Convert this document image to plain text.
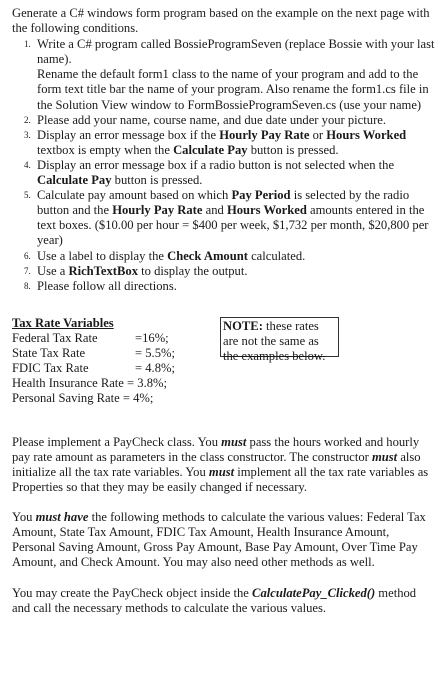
Generate a C# windows form program based on the example on the next page with the following conditions.

1. Write a C# program called BossieProgramSeven (replace Bossie with your last name).

Rename the default form1 class to the name of your program and add to the form text title bar the name of your program. Also rename the form1.cs file in the Solution View window to FormBossieProgramSeven.cs (use your name)

2. Please add your name, course name, and due date under your picture.
3. Display an error message box if the Hourly Pay Rate or Hours Worked textbox is empty when the Calculate Pay button is pressed.
4. Display an error message box if a radio button is not selected when the Calculate Pay button is pressed.
5. Calculate pay amount based on which Pay Period is selected by the radio button and the Hourly Pay Rate and Hours Worked amounts entered in the text boxes. ($10.00 per hour = $400 per week, $1,732 per month, $20,800 per year)
6. Use a label to display the Check Amount calculated.
7. Use a RichTextBox to display the output.
8. Please follow all directions.
Tax Rate Variables
Federal Tax Rate	=16%;
State Tax Rate	= 5.5%;
FDIC Tax Rate	= 4.8%;
Health Insurance Rate = 3.8%;
Personal Saving Rate = 4%;
NOTE: these rates are not the same as the examples below.

Please implement a PayCheck class. You must pass the hours worked and hourly pay rate amount as parameters in the class constructor. The constructor must also initialize all the tax rate variables. You must implement all the tax rate variables as Properties so that they may be easily changed if necessary.

You must have the following methods to calculate the various values: Federal Tax Amount, State Tax Amount, FDIC Tax Amount, Health Insurance Amount, Personal Saving Amount, Gross Pay Amount, Base Pay Amount, Over Time Pay Amount, and Check Amount. You may also need other methods as well.

You may create the PayCheck object inside the CalculatePay_Clicked() method and call the necessary methods to calculate the various values.
